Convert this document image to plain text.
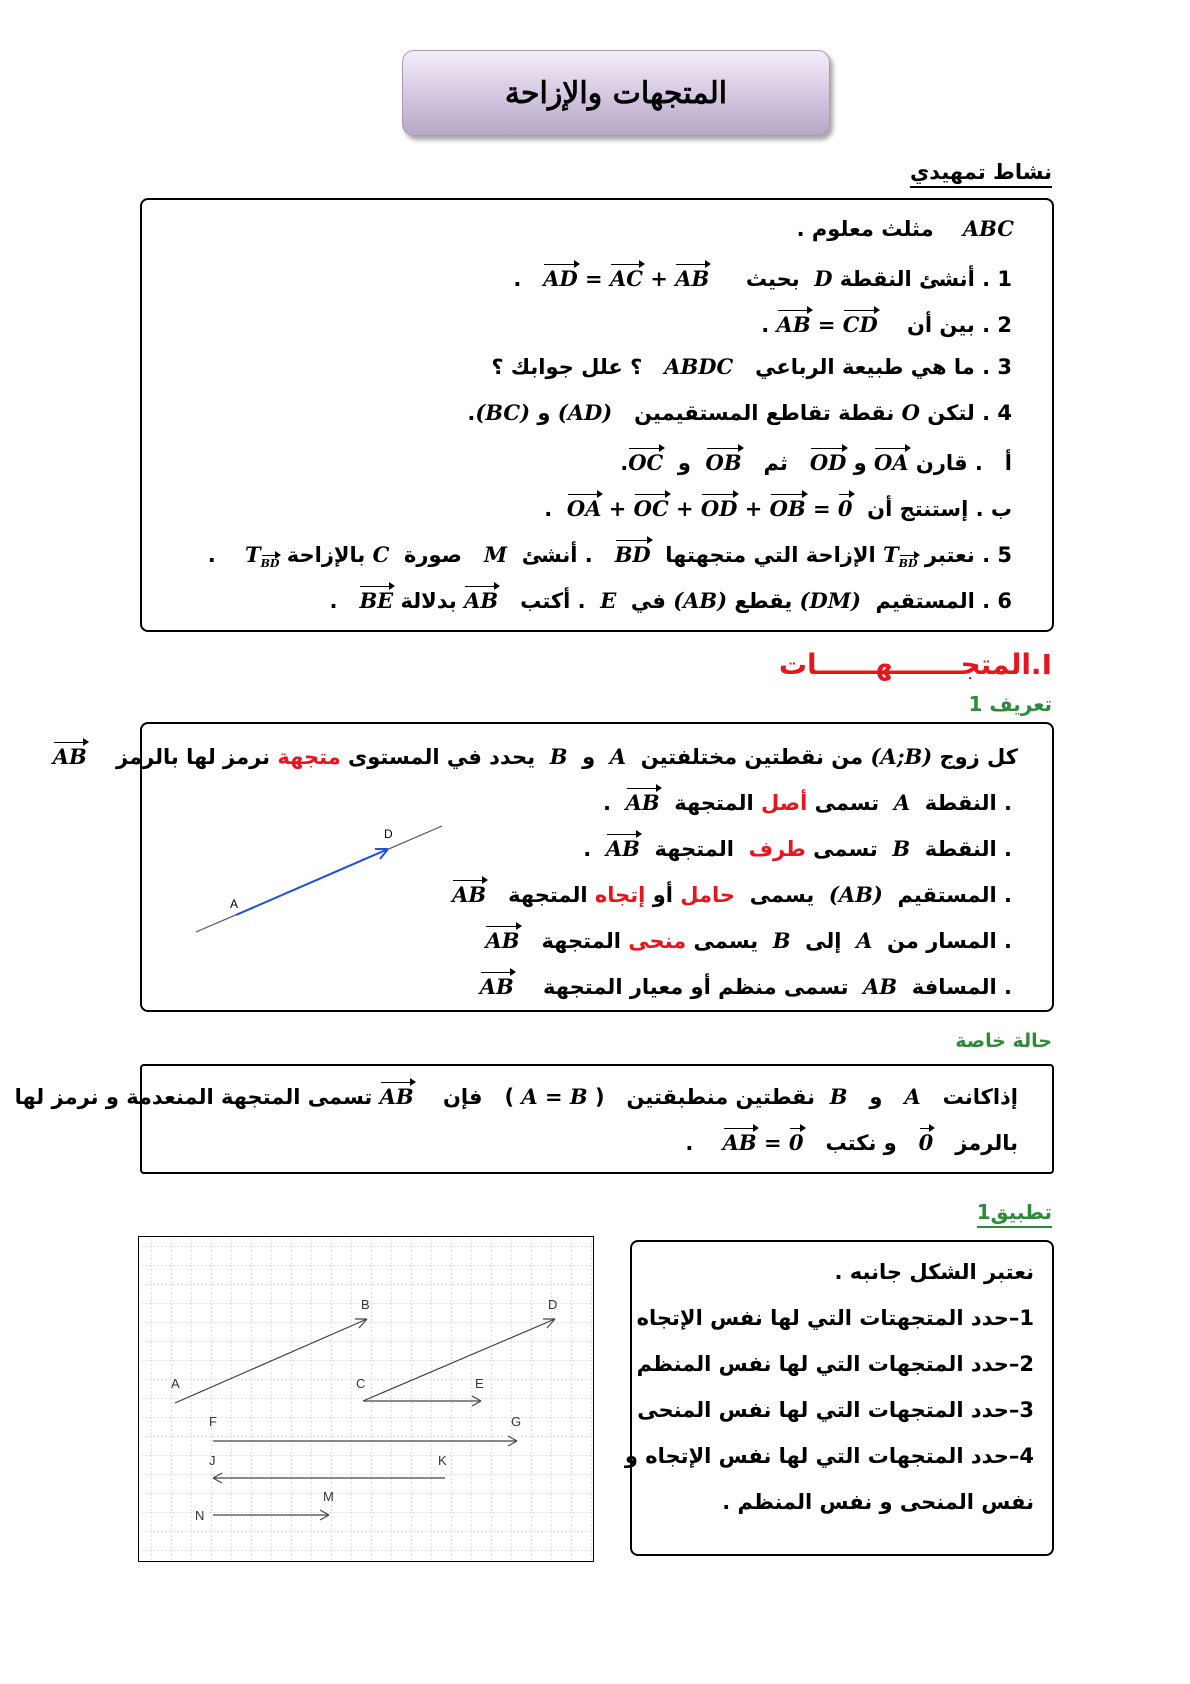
المتجهات والإزاحة
نشاط تمهيدي
ABC    مثلث معلوم .
1 . أنشئ النقطة D  بحيث     AD = AC + AB   .
2 . بين أن    AB = CD .
3 . ما هي طبيعة الرباعي   ABDC   ؟ علل جوابك ؟
4 . لتكن O نقطة تقاطع المستقيمين   (AD) و (BC).
أ   . قارن OA و OD   ثم   OB  و  OC.
ب . إستنتج أن  OA + OC + OD + OB = 0  .
5 . نعتبر $T_{BD}$ الإزاحة التي متجهتها  BD   . أنشئ  M   صورة  C بالإزاحة $T_{BD}$    .
6 . المستقيم  (DM) يقطع (AB) في  E  . أكتب   AB بدلالة BE   .
I.المتجـــــــهــــــات
تعريف 1
كل زوج (A;B) من نقطتين مختلفتين  A  و  B  يحدد في المستوى متجهة نرمز لها بالرمز    AB
. النقطة  A  تسمى أصل المتجهة  AB  .
. النقطة  B  تسمى طرف  المتجهة  AB  .
. المستقيم  (AB)  يسمى  حامل أو إتجاه المتجهة   AB
. المسار من  A  إلى  B  يسمى منحى المتجهة   AB
. المسافة  AB  تسمى منظم أو معيار المتجهة    AB
A
D
حالة خاصة
إذاكانت   A   و   B  نقطتين منطبقتين   ( A = B )   فإن    AB تسمى المتجهة المنعدمة و نرمز لها
بالرمز   0   و نكتب   AB = 0    .
تطبيق1
A
B
C
D
E
F	G
J	K
N
M
نعتبر الشكل جانبه .
1–حدد المتجهتات التي لها نفس الإتجاه
2–حدد المتجهات التي لها نفس المنظم
3–حدد المتجهات التي لها نفس المنحى
4–حدد المتجهات التي لها نفس الإتجاه و
نفس المنحى و نفس المنظم .
